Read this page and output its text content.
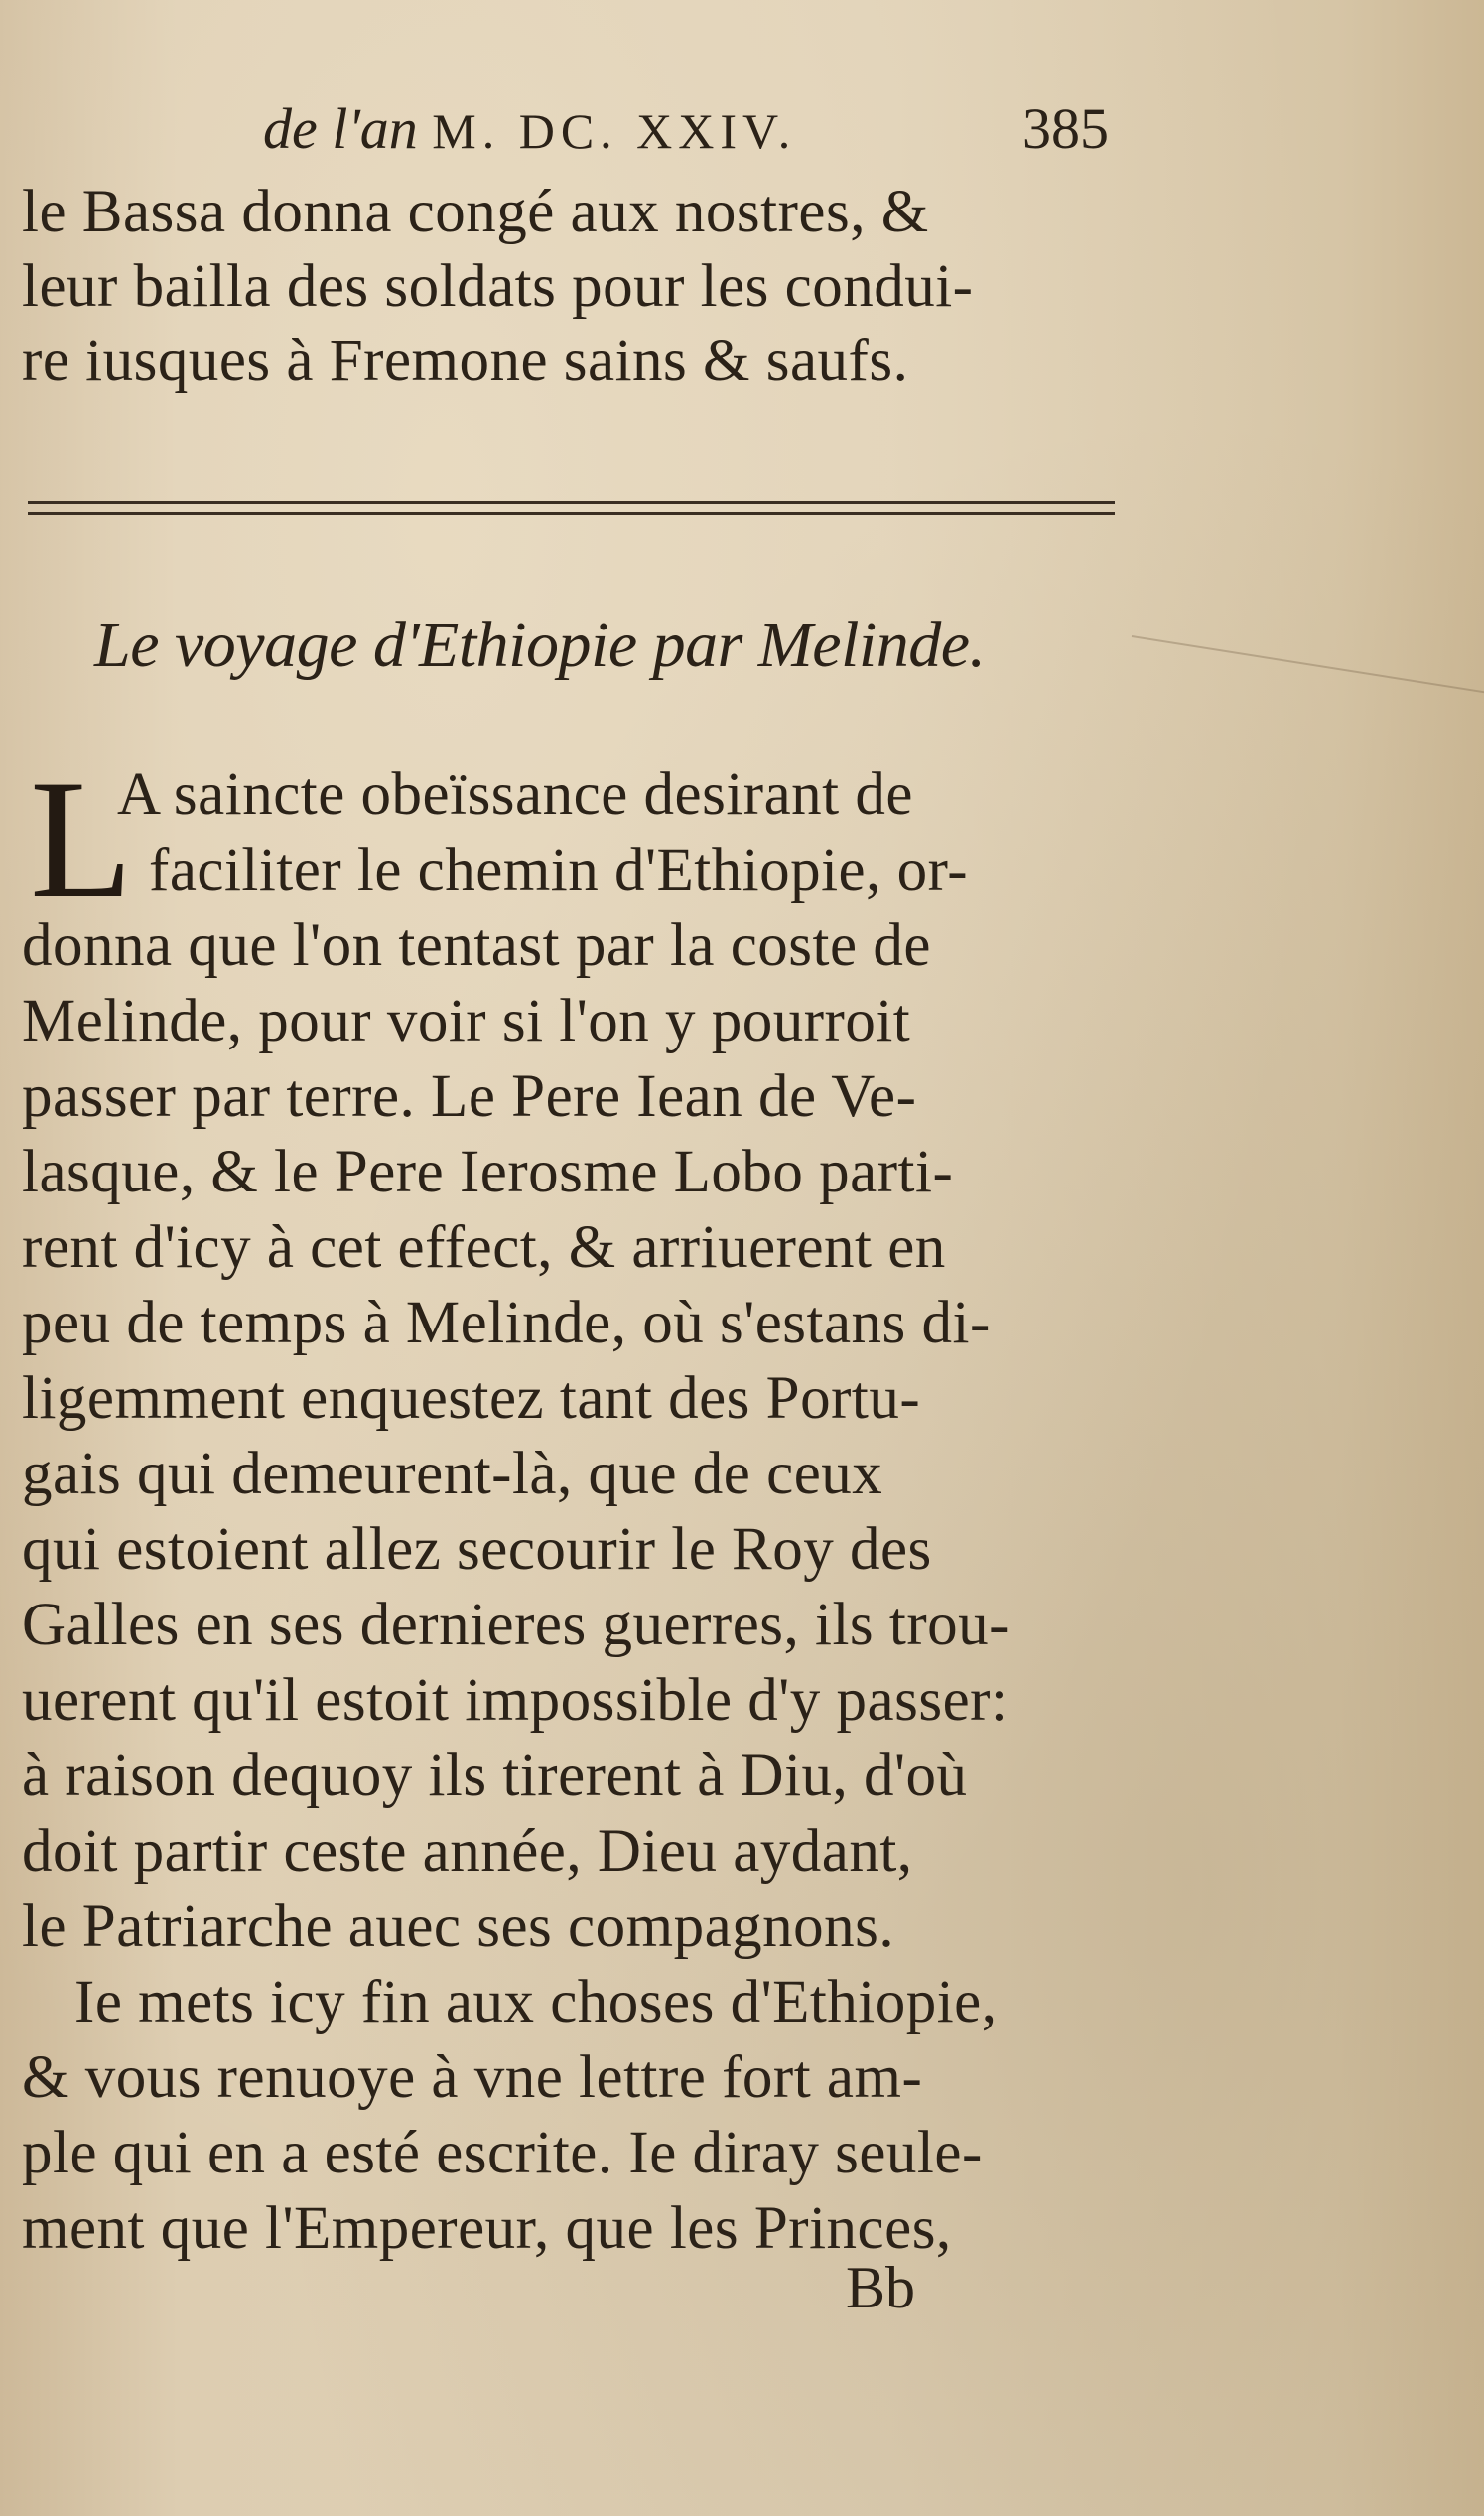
de l'an M. DC. XXIV.	385
le Bassa donna congé aux nostres, &
leur bailla des soldats pour les condui-
re iusques à Fremone sains & saufs.
Le voyage d'Ethiopie par Melinde.
L
A saincte obeïssance desirant de
faciliter le chemin d'Ethiopie, or-
donna que l'on tentast par la coste de
Melinde, pour voir si l'on y pourroit
passer par terre. Le Pere Iean de Ve-
lasque, & le Pere Ierosme Lobo parti-
rent d'icy à cet effect, & arriuerent en
peu de temps à Melinde, où s'estans di-
ligemment enquestez tant des Portu-
gais qui demeurent-là, que de ceux
qui estoient allez secourir le Roy des
Galles en ses dernieres guerres, ils trou-
uerent qu'il estoit impossible d'y passer:
à raison dequoy ils tirerent à Diu, d'où
doit partir ceste année, Dieu aydant,
le Patriarche auec ses compagnons.
Ie mets icy fin aux choses d'Ethiopie,
& vous renuoye à vne lettre fort am-
ple qui en a esté escrite. Ie diray seule-
ment que l'Empereur, que les Princes,
Bb
